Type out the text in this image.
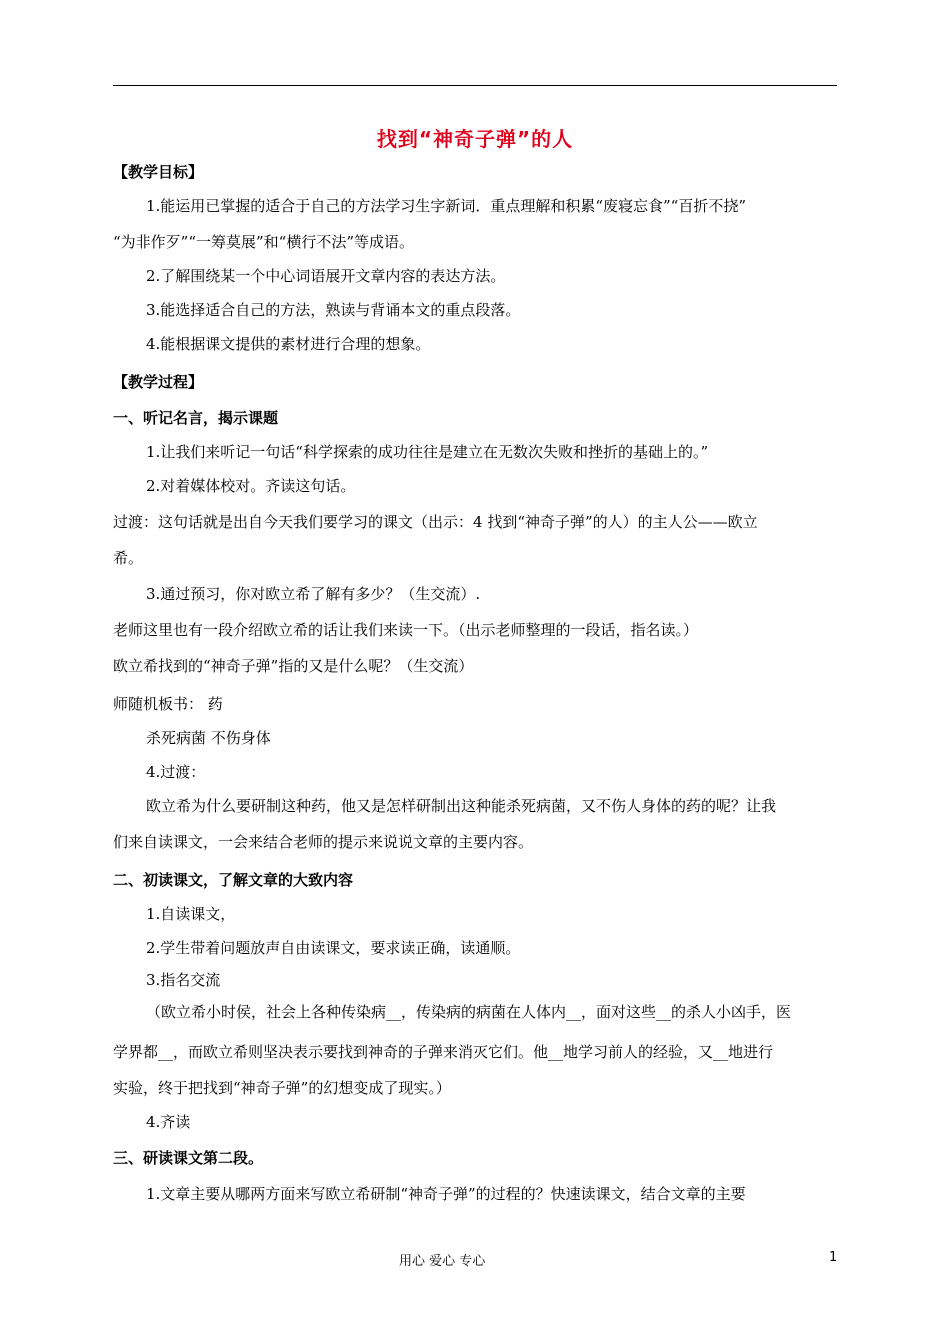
找到“神奇子弹”的人
【教学目标】
1.能运用已掌握的适合于自己的方法学习生字新词．重点理解和积累“废寝忘食”“百折不挠”
“为非作歹”“一筹莫展”和“横行不法”等成语。
2.了解围绕某一个中心词语展开文章内容的表达方法。
3.能选择适合自己的方法，熟读与背诵本文的重点段落。
4.能根据课文提供的素材进行合理的想象。
【教学过程】
一、听记名言，揭示课题
1.让我们来听记一句话“科学探索的成功往往是建立在无数次失败和挫折的基础上的。”
2.对着媒体校对。齐读这句话。
过渡：这句话就是出自今天我们要学习的课文（出示：4 找到“神奇子弹”的人）的主人公——欧立
希。
3.通过预习，你对欧立希了解有多少？（生交流）.
老师这里也有一段介绍欧立希的话让我们来读一下。（出示老师整理的一段话，指名读。）
欧立希找到的“神奇子弹”指的又是什么呢？（生交流）
师随机板书： 药
杀死病菌 不伤身体
4.过渡：
欧立希为什么要研制这种药，他又是怎样研制出这种能杀死病菌，又不伤人身体的药的呢？让我
们来自读课文，一会来结合老师的提示来说说文章的主要内容。
二、初读课文，了解文章的大致内容
1.自读课文，
2.学生带着问题放声自由读课文，要求读正确，读通顺。
3.指名交流
（欧立希小时侯，社会上各种传染病__，传染病的病菌在人体内__，面对这些__的杀人小凶手，医
学界都__，而欧立希则坚决表示要找到神奇的子弹来消灭它们。他__地学习前人的经验，又__地进行
实验，终于把找到“神奇子弹”的幻想变成了现实。）
4.齐读
三、研读课文第二段。
1.文章主要从哪两方面来写欧立希研制“神奇子弹”的过程的？快速读课文，结合文章的主要
用心 爱心 专心	1
